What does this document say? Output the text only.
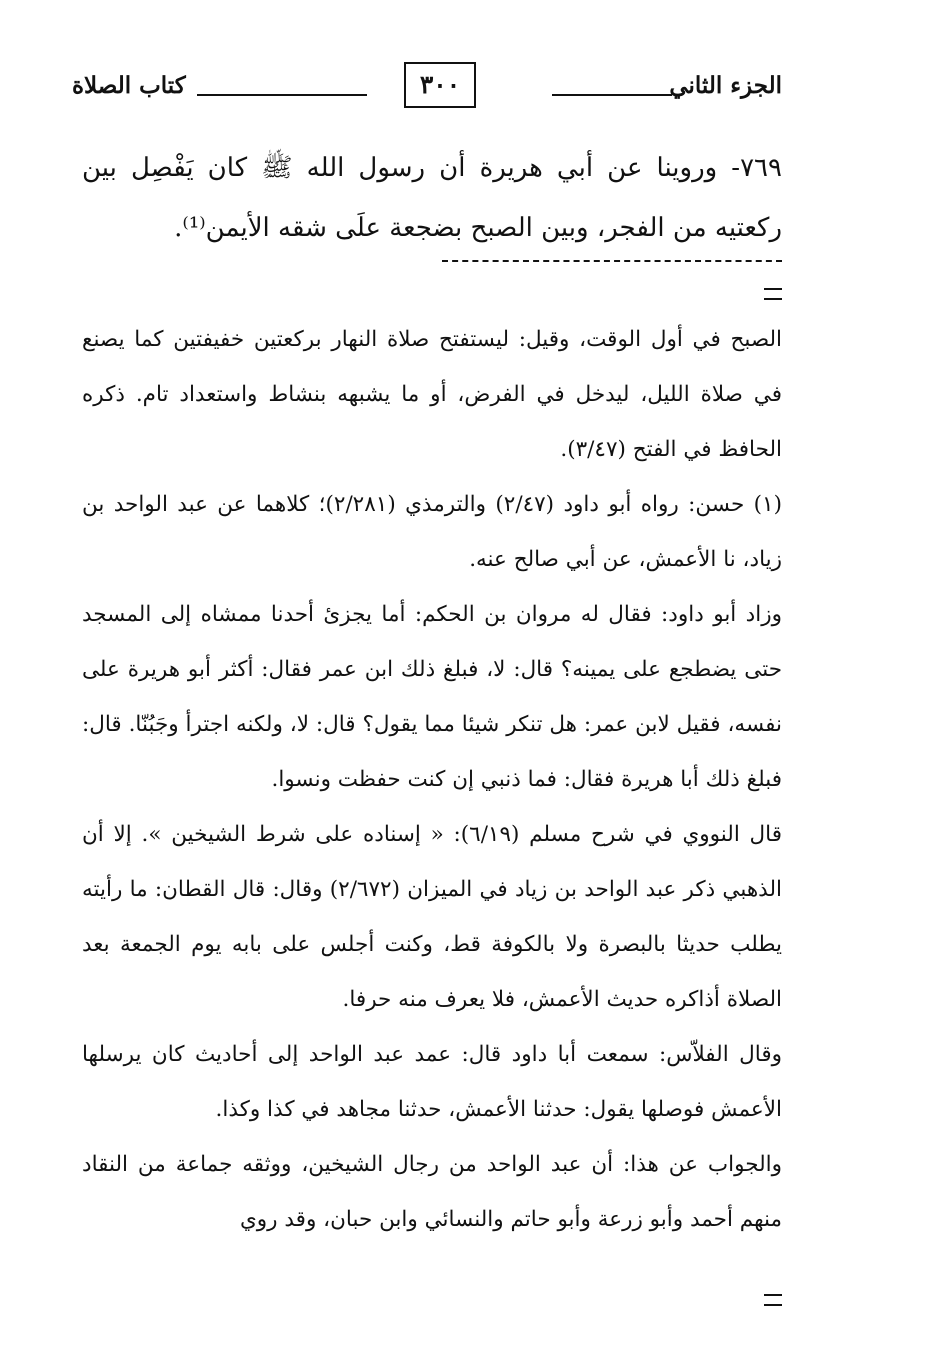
الجزء الثاني
٣٠٠
كتاب الصلاة
٧٦٩- وروينا عن أبي هريرة أن رسول الله ﷺ كان يَفْصِل بين ركعتيه من الفجر، وبين الصبح بضجعة علَى شقه الأيمن⁽¹⁾.

الصبح في أول الوقت، وقيل: ليستفتح صلاة النهار بركعتين خفيفتين كما يصنع في صلاة الليل، ليدخل في الفرض، أو ما يشبهه بنشاط واستعداد تام. ذكره الحافظ في الفتح (٣/٤٧).

(١) حسن: رواه أبو داود (٢/٤٧) والترمذي (٢/٢٨١)؛ كلاهما عن عبد الواحد بن زياد، نا الأعمش، عن أبي صالح عنه.

وزاد أبو داود: فقال له مروان بن الحكم: أما يجزئ أحدنا ممشاه إلى المسجد حتى يضطجع على يمينه؟ قال: لا، فبلغ ذلك ابن عمر فقال: أكثر أبو هريرة على نفسه، فقيل لابن عمر: هل تنكر شيئا مما يقول؟ قال: لا، ولكنه اجترأ وجَبُنّا. قال: فبلغ ذلك أبا هريرة فقال: فما ذنبي إن كنت حفظت ونسوا.

قال النووي في شرح مسلم (٦/١٩): « إسناده على شرط الشيخين ». إلا أن الذهبي ذكر عبد الواحد بن زياد في الميزان (٢/٦٧٢) وقال: قال القطان: ما رأيته يطلب حديثا بالبصرة ولا بالكوفة قط، وكنت أجلس على بابه يوم الجمعة بعد الصلاة أذاكره حديث الأعمش، فلا يعرف منه حرفا.

وقال الفلاّس: سمعت أبا داود قال: عمد عبد الواحد إلى أحاديث كان يرسلها الأعمش فوصلها يقول: حدثنا الأعمش، حدثنا مجاهد في كذا وكذا.

والجواب عن هذا: أن عبد الواحد من رجال الشيخين، ووثقه جماعة من النقاد منهم أحمد وأبو زرعة وأبو حاتم والنسائي وابن حبان، وقد روي
